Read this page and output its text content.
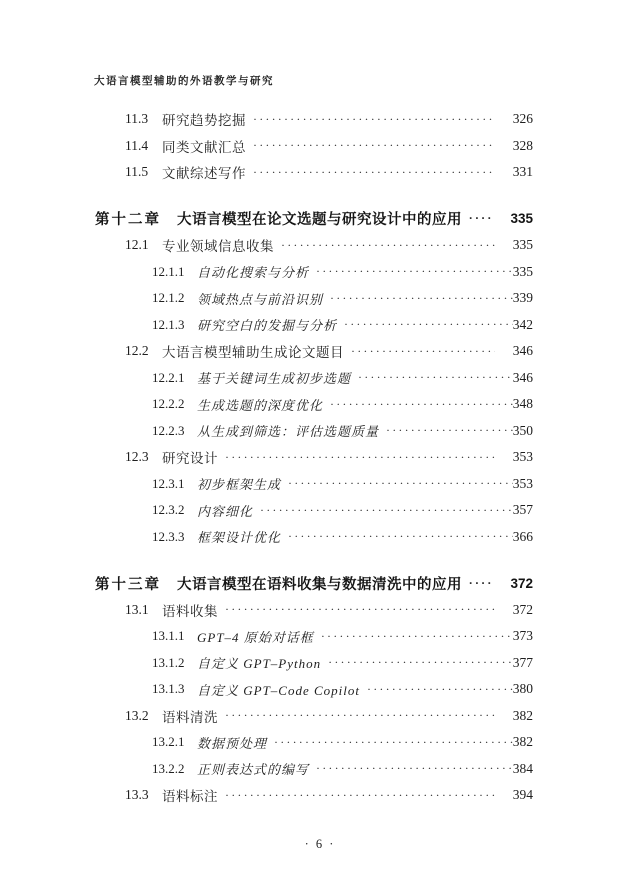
大语言模型辅助的外语教学与研究
11.3	研究趋势挖掘 ·····	326
11.4	同类文献汇总 ·····	328
11.5	文献综述写作 ·····	331
第十二章 大语言模型在论文选题与研究设计中的应用 ·····	335
12.1 专业领域信息收集 ·····	335
12.1.1 自动化搜索与分析 ·····	335
12.1.2 领域热点与前沿识别 ·····	339
12.1.3 研究空白的发掘与分析 ·····	342
12.2 大语言模型辅助生成论文题目 ·····	346
12.2.1 基于关键词生成初步选题 ·····	346
12.2.2 生成选题的深度优化 ·····	348
12.2.3 从生成到筛选：评估选题质量 ·····	350
12.3 研究设计 ·····	353
12.3.1 初步框架生成 ·····	353
12.3.2 内容细化 ·····	357
12.3.3 框架设计优化 ·····	366
第十三章 大语言模型在语料收集与数据清洗中的应用 ·····	372
13.1 语料收集 ·····	372
13.1.1 GPT–4 原始对话框 ·····	373
13.1.2 自定义 GPT–Python ·····	377
13.1.3 自定义 GPT–Code Copilot ·····	380
13.2 语料清洗 ·····	382
13.2.1 数据预处理 ·····	382
13.2.2 正则表达式的编写 ·····	384
13.3 语料标注 ·····	394
· 6 ·
